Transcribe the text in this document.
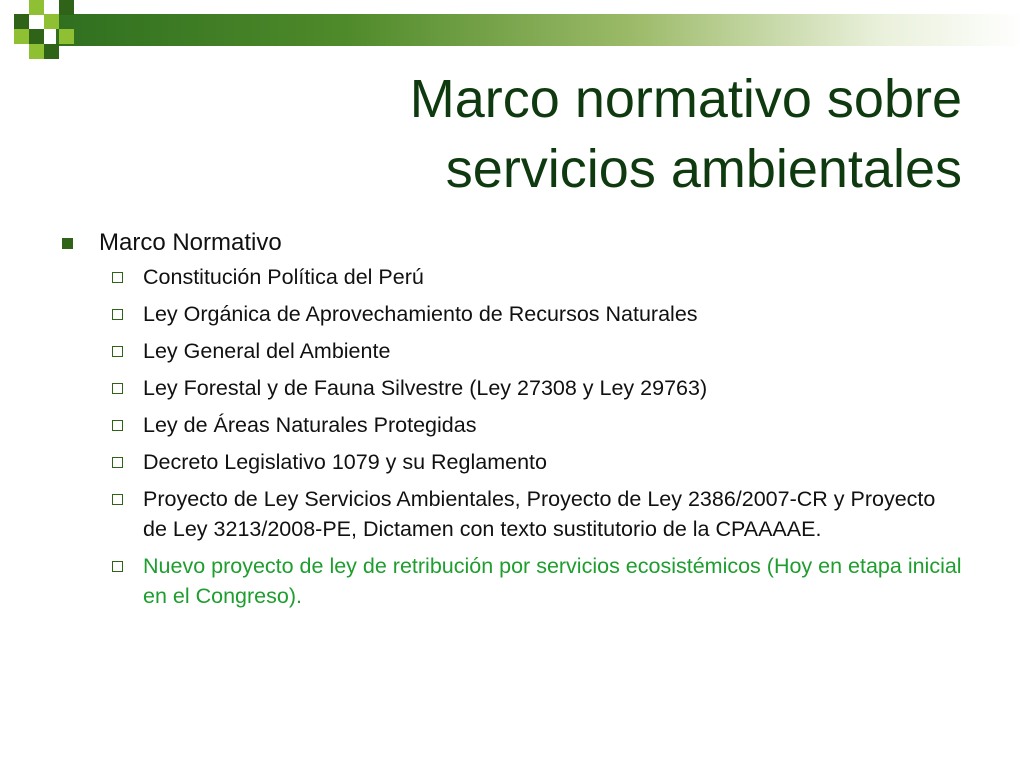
Marco normativo sobre
servicios ambientales
Marco Normativo
Constitución Política del Perú
Ley Orgánica de Aprovechamiento de Recursos Naturales
Ley General del Ambiente
Ley Forestal y de Fauna Silvestre (Ley 27308 y Ley 29763)
Ley de Áreas Naturales Protegidas
Decreto Legislativo 1079 y su Reglamento
Proyecto de Ley Servicios Ambientales, Proyecto de Ley 2386/2007-CR y Proyecto de Ley 3213/2008-PE, Dictamen con texto sustitutorio de la CPAAAAE.
Nuevo proyecto de ley de retribución por servicios ecosistémicos (Hoy en etapa inicial en el Congreso).
